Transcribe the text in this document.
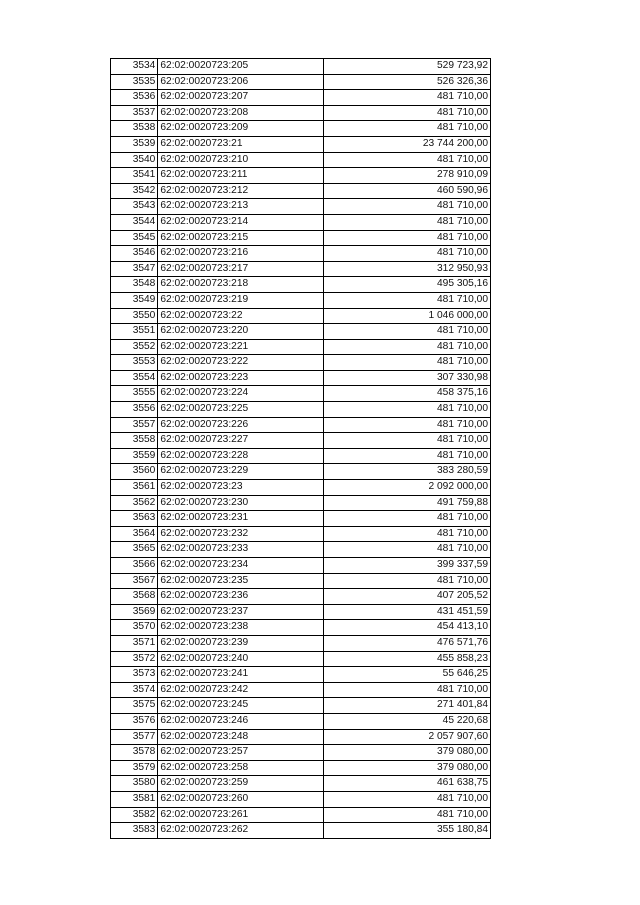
3534	62:02:0020723:205	529 723,92
3535	62:02:0020723:206	526 326,36
3536	62:02:0020723:207	481 710,00
3537	62:02:0020723:208	481 710,00
3538	62:02:0020723:209	481 710,00
3539	62:02:0020723:21	23 744 200,00
3540	62:02:0020723:210	481 710,00
3541	62:02:0020723:211	278 910,09
3542	62:02:0020723:212	460 590,96
3543	62:02:0020723:213	481 710,00
3544	62:02:0020723:214	481 710,00
3545	62:02:0020723:215	481 710,00
3546	62:02:0020723:216	481 710,00
3547	62:02:0020723:217	312 950,93
3548	62:02:0020723:218	495 305,16
3549	62:02:0020723:219	481 710,00
3550	62:02:0020723:22	1 046 000,00
3551	62:02:0020723:220	481 710,00
3552	62:02:0020723:221	481 710,00
3553	62:02:0020723:222	481 710,00
3554	62:02:0020723:223	307 330,98
3555	62:02:0020723:224	458 375,16
3556	62:02:0020723:225	481 710,00
3557	62:02:0020723:226	481 710,00
3558	62:02:0020723:227	481 710,00
3559	62:02:0020723:228	481 710,00
3560	62:02:0020723:229	383 280,59
3561	62:02:0020723:23	2 092 000,00
3562	62:02:0020723:230	491 759,88
3563	62:02:0020723:231	481 710,00
3564	62:02:0020723:232	481 710,00
3565	62:02:0020723:233	481 710,00
3566	62:02:0020723:234	399 337,59
3567	62:02:0020723:235	481 710,00
3568	62:02:0020723:236	407 205,52
3569	62:02:0020723:237	431 451,59
3570	62:02:0020723:238	454 413,10
3571	62:02:0020723:239	476 571,76
3572	62:02:0020723:240	455 858,23
3573	62:02:0020723:241	55 646,25
3574	62:02:0020723:242	481 710,00
3575	62:02:0020723:245	271 401,84
3576	62:02:0020723:246	45 220,68
3577	62:02:0020723:248	2 057 907,60
3578	62:02:0020723:257	379 080,00
3579	62:02:0020723:258	379 080,00
3580	62:02:0020723:259	461 638,75
3581	62:02:0020723:260	481 710,00
3582	62:02:0020723:261	481 710,00
3583	62:02:0020723:262	355 180,84
